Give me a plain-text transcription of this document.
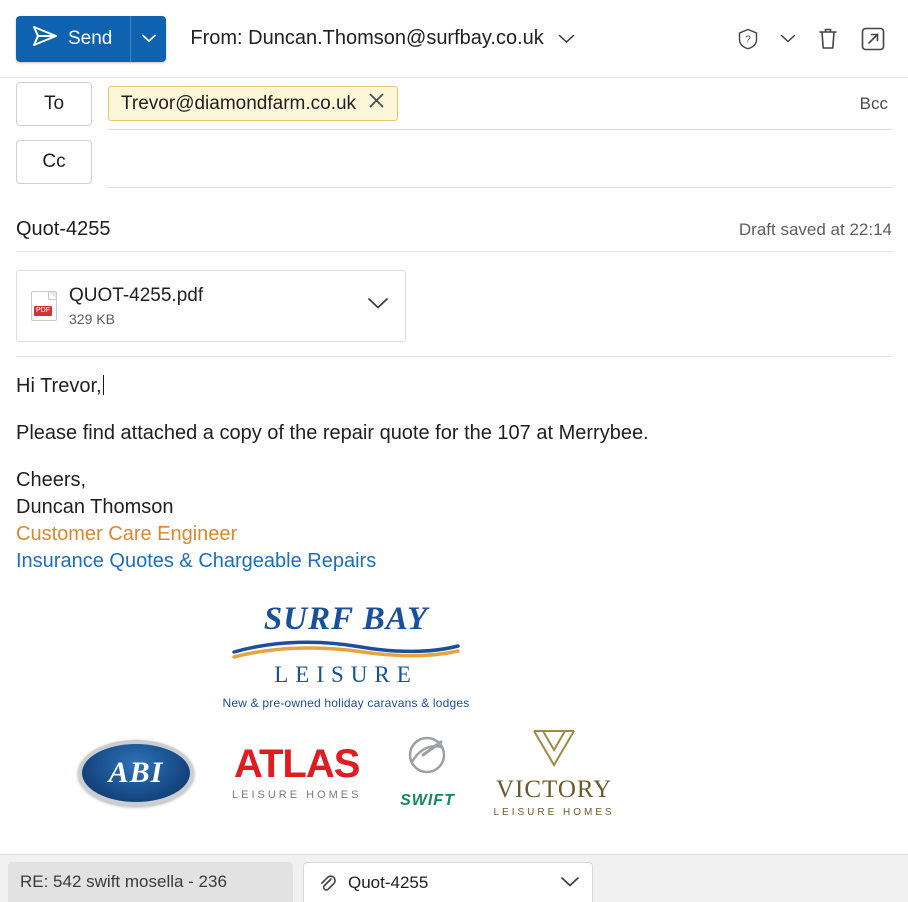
Send	From: Duncan.Thomson@surfbay.co.uk	?
To	Trevor@diamondfarm.co.uk	Bcc
Cc
Quot-4255	Draft saved at 22:14
PDF
QUOT-4255.pdf
329 KB

Hi Trevor,

Please find attached a copy of the repair quote for the 107 at Merrybee.

Cheers,
Duncan Thomson
Customer Care Engineer
Insurance Quotes & Chargeable Repairs
SURF BAY
LEISURE
New & pre-owned holiday caravans & lodges
ABI ATLAS
LEISURE HOMES SWIFT VICTORY
LEISURE HOMES
RE: 542 swift mosella - 236	Quot-4255
